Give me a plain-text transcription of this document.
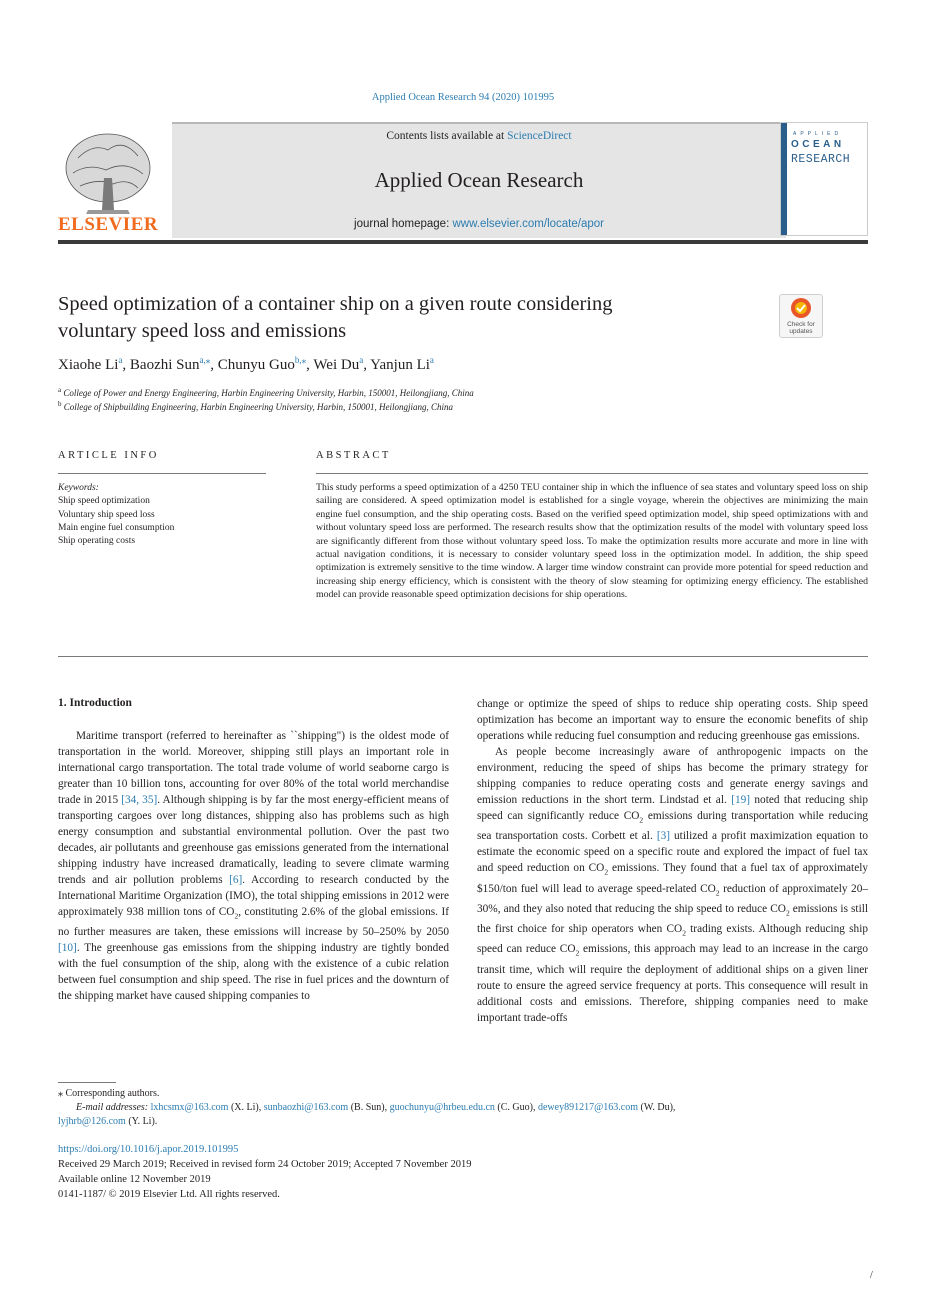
Applied Ocean Research 94 (2020) 101995
Contents lists available at ScienceDirect
Applied Ocean Research
journal homepage: www.elsevier.com/locate/apor
ELSEVIER
APPLIED
OCEAN
RESEARCH
Speed optimization of a container ship on a given route considering
voluntary speed loss and emissions	Check for
updates
Xiaohe Li$^a$, Baozhi Sun$^{a,⁎}$, Chunyu Guo$^{b,⁎}$, Wei Du$^a$, Yanjun Li$^a$
$^a$ College of Power and Energy Engineering, Harbin Engineering University, Harbin, 150001, Heilongjiang, China
$^b$ College of Shipbuilding Engineering, Harbin Engineering University, Harbin, 150001, Heilongjiang, China
ARTICLE INFO	ABSTRACT
Keywords:
Ship speed optimization
Voluntary ship speed loss
Main engine fuel consumption
Ship operating costs
This study performs a speed optimization of a 4250 TEU container ship in which the influence of sea states and voluntary speed loss on ship sailing are considered. A speed optimization model is established for a single voyage, wherein the objectives are minimizing the main engine fuel consumption, and the ship operating costs. Based on the verified speed optimization model, ship speed optimizations with and without voluntary speed loss are performed. The research results show that the optimization results of the model with voluntary speed loss are significantly different from those without voluntary speed loss. To make the optimization results more accurate and more in line with actual navigation conditions, it is necessary to consider voluntary speed loss in the optimization model. In addition, the ship speed optimization is extremely sensitive to the time window. A larger time window constraint can provide more potential for speed reduction and increasing ship energy efficiency, which is consistent with the theory of slow steaming for optimizing energy efficiency. The established model can provide reasonable speed optimization decisions for ship operations.
1. Introduction

Maritime transport (referred to hereinafter as ``shipping") is the oldest mode of transportation in the world. Moreover, shipping still plays an important role in international cargo transportation. The total trade volume of world seaborne cargo is greater than 10 billion tons, accounting for over 80% of the total world merchandise trade in 2015 [34, 35]. Although shipping is by far the most energy-efficient means of transporting cargoes over long distances, shipping also has problems such as high energy consumption and substantial environmental pollution. Over the past two decades, air pollutants and greenhouse gas emissions generated from the international shipping industry have increased dramatically, leading to severe climate warming trends and air pollution problems [6]. According to research conducted by the International Maritime Organization (IMO), the total shipping emissions in 2012 were approximately 938 million tons of $CO_2$, constituting 2.6% of the global emissions. If no further measures are taken, these emissions will increase by 50–250% by 2050 [10]. The greenhouse gas emissions from the shipping industry are tightly bonded with the fuel consumption of the ship, along with the existence of a cubic relation between fuel consumption and ship speed. The rise in fuel prices and the downturn of the shipping market have caused shipping companies to

change or optimize the speed of ships to reduce ship operating costs. Ship speed optimization has become an important way to ensure the economic benefits of ship operations while reducing fuel consumption and reducing greenhouse gas emissions.

As people become increasingly aware of anthropogenic impacts on the environment, reducing the speed of ships has become the primary strategy for shipping companies to reduce operating costs and generate energy savings and emission reductions in the short term. Lindstad et al. [19] noted that reducing ship speed can significantly reduce $CO_2$ emissions during transportation while reducing sea transportation costs. Corbett et al. [3] utilized a profit maximization equation to estimate the economic speed on a specific route and explored the impact of fuel tax and speed reduction on $CO_2$ emissions. They found that a fuel tax of approximately $150/ton fuel will lead to average speed-related $CO_2$ reduction of approximately 20–30%, and they also noted that reducing the ship speed to reduce $CO_2$ emissions is still the first choice for ship operators when $CO_2$ trading exists. Although reducing ship speed can reduce $CO_2$ emissions, this approach may lead to an increase in the cargo transit time, which will require the deployment of additional ships on a given liner route to ensure the agreed service frequency at ports. This consequence will result in additional costs and emissions. Therefore, shipping companies need to make important trade-offs

⁎ Corresponding authors.
E-mail addresses: lxhcsmx@163.com (X. Li), sunbaozhi@163.com (B. Sun), guochunyu@hrbeu.edu.cn (C. Guo), dewey891217@163.com (W. Du),
lyjhrb@126.com (Y. Li).
https://doi.org/10.1016/j.apor.2019.101995
Received 29 March 2019; Received in revised form 24 October 2019; Accepted 7 November 2019
Available online 12 November 2019
0141-1187/ © 2019 Elsevier Ltd. All rights reserved.
/
